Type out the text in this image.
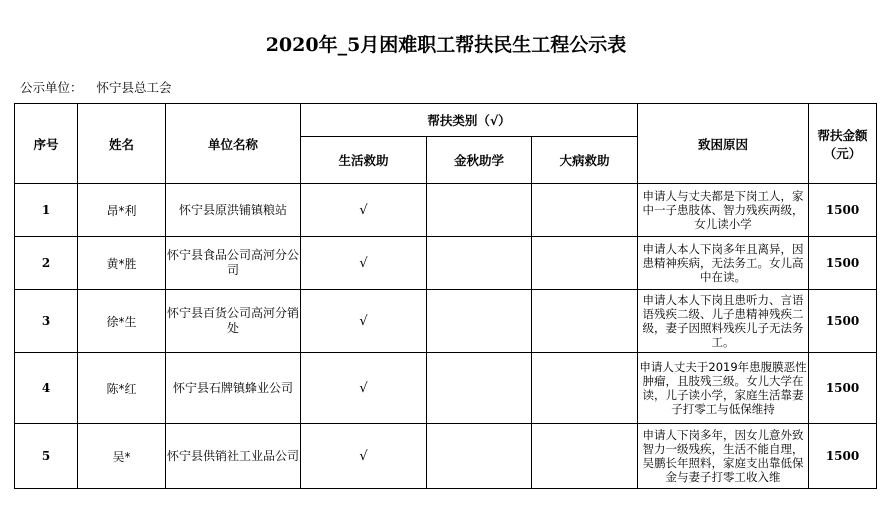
2020年_5月困难职工帮扶民生工程公示表
公示单位： 怀宁县总工会
序号	姓名	单位名称	帮扶类别（√）			致困原因	帮扶金额（元）
			生活救助	金秋助学	大病救助		
1	昂*利	怀宁县原洪铺镇粮站	√			申请人与丈夫都是下岗工人，家中一子患肢体、智力残疾两级，女儿读小学	1500
2	黄*胜	怀宁县食品公司高河分公司	√			申请人本人下岗多年且离异，因患精神疾病，无法务工。女儿高中在读。	1500
3	徐*生	怀宁县百货公司高河分销处	√			申请人本人下岗且患听力、言语语残疾二级、儿子患精神残疾二级，妻子因照料残疾儿子无法务工。	1500
4	陈*红	怀宁县石牌镇蜂业公司	√			申请人丈夫于2019年患腹膜恶性肿瘤，且肢残三级。女儿大学在读，儿子读小学，家庭生活靠妻子打零工与低保维持	1500
5	吴*	怀宁县供销社工业品公司	√			申请人下岗多年，因女儿意外致智力一级残疾，生活不能自理，吴鹏长年照料，家庭支出靠低保金与妻子打零工收入维	1500
